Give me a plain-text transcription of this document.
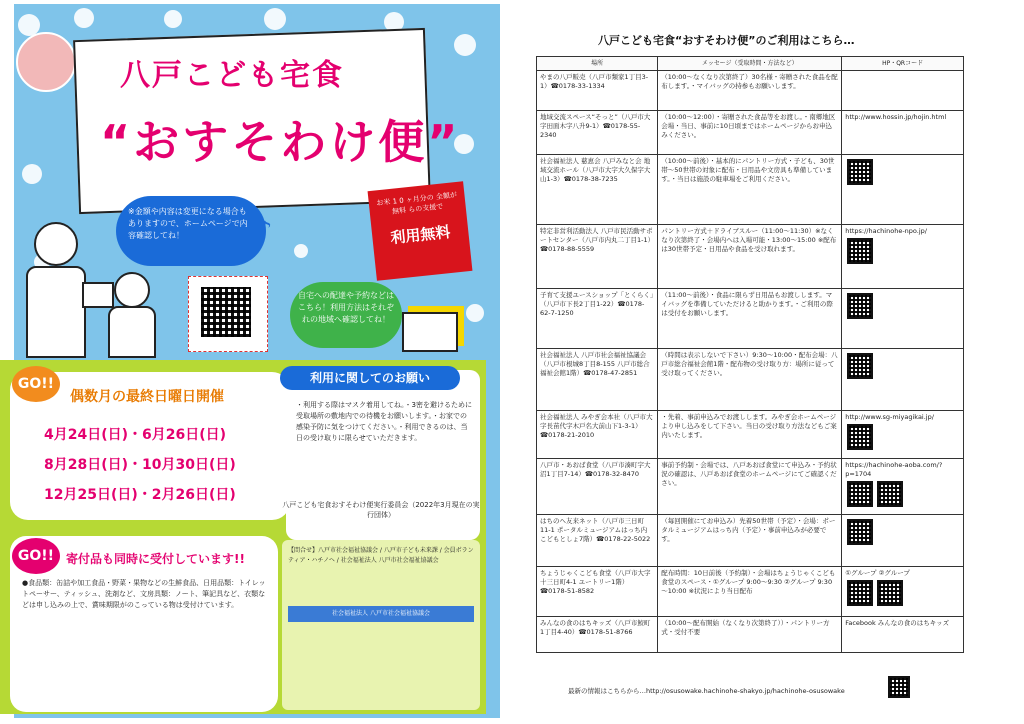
八戸こども宅食
“おすそわけ便”
※金額や内容は変更になる場合もありますので、ホームページで内容確認してね！
お米 1 0 ヶ月分の 全額が 無料 らの支援で
利用無料
♪
自宅への配達や予約などはこちら！利用方法はそれぞれの地域へ確認してね！
GO!!
偶数月の最終日曜日開催
4月24日(日)・6月26日(日)
8月28日(日)・10月30日(日)
12月25日(日)・2月26日(日)
利用に関してのお願い
・利用する際はマスク着用してね。・3密を避けるために受取場所の敷地内での待機をお願いします。・お家での感染予防に気をつけてください。・利用できるのは、当日の受け取りに限らせていただきます。
八戸こども宅食おすそわけ便実行委員会（2022年3月現在の実行団体）
GO!! 寄付品も同時に受付しています!!
●食品類：缶詰や加工食品・野菜・果物などの生鮮食品、日用品類：トイレットペーサー、ティッシュ、洗剤など、文房具類：ノート、筆記具など、衣類などは申し込みの上で、賞味期限がのこっている物は受付けています。
【問合せ】八戸市社会福祉協議会 / 八戸市子ども未来課 / 会員ボランティア・ハチノヘ / 社会福祉法人 八戸市社会福祉協議会
社会福祉法人 八戸市社会福祉協議会
八戸こども宅食“おすそわけ便”のご利用はこちら…
場所	メッセージ（受取時間・方法など）	HP・QRコード

やまの八戸販売（八戸市類家1丁目3-1）☎0178-33-1334	（10:00～なくなり次第終了）30名様・寄贈された食品を配布します。・マイバッグの持参もお願いします。	

地域交流スペース“そっと”（八戸市大字田面木字八升9-1）☎0178-55-2340	（10:00～12:00）・寄贈された食品等をお渡し。・南郷地区会場・当日、事前に10日頃まではホームページからお申込みください。	http://www.hossin.jp/hojin.html

社会福祉法人 慈恵会 八戸みなと会 地域交流ホール（八戸市大字大久保字大山1-3）☎0178-38-7235	（10:00～前後）・基本的にパントリー方式・子ども、30世帯～50世帯の対象に配布・日用品や文房具も準備しています。・当日は施設の駐車場をご利用ください。	

特定非営利活動法人 八戸市民活動サポートセンター（八戸市内丸二丁目1-1）☎0178-88-5559	パントリー方式＋ドライブスルー（11:00～11:30）※なくなり次第終了・会場内へは入場可能・13:00～15:00 ※配布は30世帯予定・日用品や食品を受け取れます。	https://hachinohe-npo.jp/

子育て支援ユースショップ「とくらく」（八戸市下長2丁目1-22）☎0178-62-7-1250	（11:00～前後）・食品に限らず日用品もお渡しします。マイバッグを準備していただけると助かります。・ご利用の際は受付をお願いします。	

社会福祉法人 八戸市社会福祉協議会（八戸市根城8丁目8-155 八戸市総合福祉会館1階）☎0178-47-2851	（時間は表示しないで下さい）9:30～10:00・配布会場：八戸市総合福祉会館1階・配布物の受け取り方：場所に従って受け取ってください。	

社会福祉法人 みやぎ会本社（八戸市大字長苗代字木戸名大前山下1-3-1）☎0178-21-2010	・先着、事前申込みでお渡しします。みやぎ会ホームページより申し込みをして下さい。当日の受け取り方法などもご案内いたします。	http://www.sg-miyagikai.jp/

八戸市・あおば食堂（八戸市湊町字大沼1丁目7-14）☎0178-32-8470	事前予約制・会場では、八戸あおば食堂にて申込み・予約状況の確認は、八戸あおば食堂のホームページにてご確認ください。	https://hachinohe-aoba.com/?p=1704

はちのへ友来ネット（八戸市三日町11-1 ポータルミュージアムはっち内 こどもとしょ7階）☎0178-22-5022	（毎回開催にてお申込み）先着50世帯（予定）・会場：ポータルミュージアムはっち内（予定）・事前申込みが必要です。	

ちょうじゃくこども食堂（八戸市大字十三日町4-1 ユートリー1階）☎0178-51-8582	配布時間：10日前後（予約制）・会場はちょうじゃくこども食堂のスペース・①グループ 9:00～9:30 ②グループ 9:30～10:00 ※状況により当日配布	①グループ ②グループ

みんなの食のはちキッズ（八戸市鮫町1丁目4-40）☎0178-51-8766	（10:00～配布開始（なくなり次第終了））・パントリー方式・受付不要	Facebook みんなの食のはちキッズ
最新の情報はこちらから…http://osusowake.hachinohe-shakyo.jp/hachinohe-osusowake
